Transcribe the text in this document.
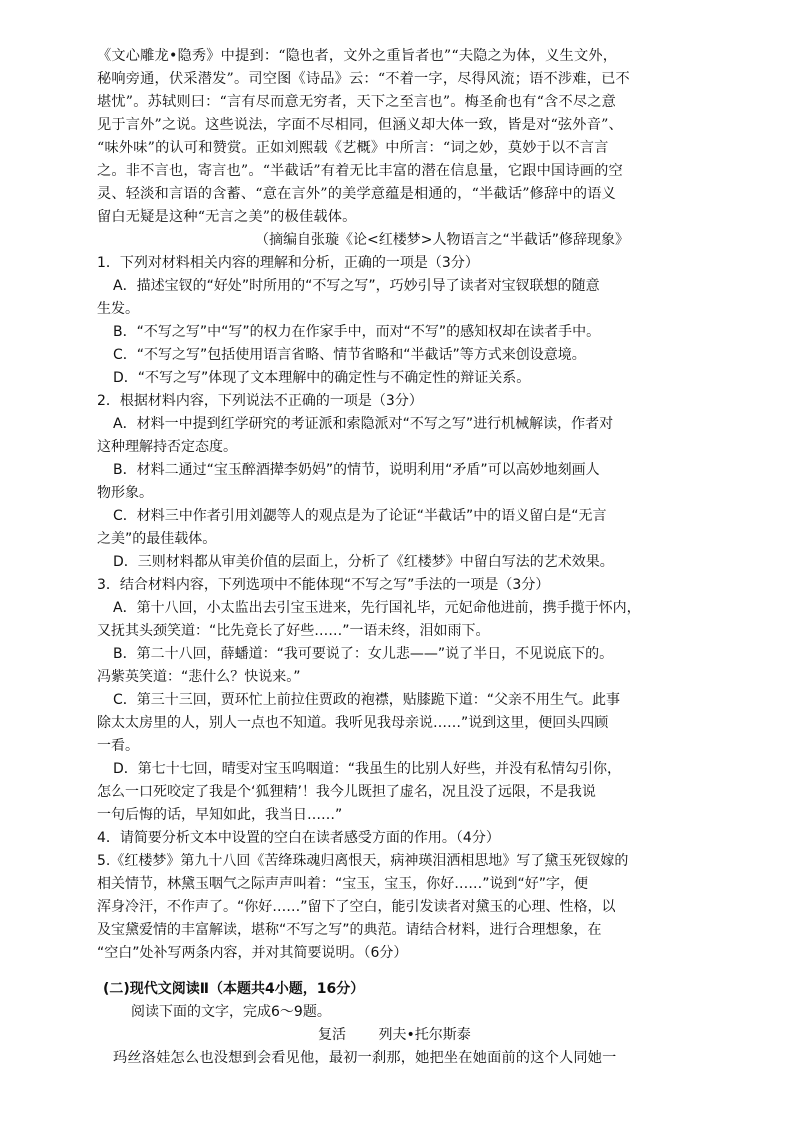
《文心雕龙•隐秀》中提到：“隐也者，文外之重旨者也”“夫隐之为体，义生文外，
秘响旁通，伏采潜发”。司空图《诗品》云：“不着一字，尽得风流；语不涉难，已不
堪忧”。苏轼则曰：“言有尽而意无穷者，天下之至言也”。梅圣俞也有“含不尽之意
见于言外”之说。这些说法，字面不尽相同，但涵义却大体一致，皆是对“弦外音”、
“味外味”的认可和赞赏。正如刘熙载《艺概》中所言：“词之妙，莫妙于以不言言
之。非不言也，寄言也”。“半截话”有着无比丰富的潜在信息量，它跟中国诗画的空
灵、轻淡和言语的含蓄、“意在言外”的美学意蕴是相通的，“半截话”修辞中的语义
留白无疑是这种“无言之美”的极佳载体。
（摘编自张璇《论<红楼梦>人物语言之“半截话”修辞现象》
1．下列对材料相关内容的理解和分析，正确的一项是（3分）
A．描述宝钗的“好处”时所用的“不写之写”，巧妙引导了读者对宝钗联想的随意
生发。
B．“不写之写”中“写”的权力在作家手中，而对“不写”的感知权却在读者手中。
C．“不写之写”包括使用语言省略、情节省略和“半截话”等方式来创设意境。
D．“不写之写”体现了文本理解中的确定性与不确定性的辩证关系。
2．根据材料内容，下列说法不正确的一项是（3分）
A．材料一中提到红学研究的考证派和索隐派对“不写之写”进行机械解读，作者对
这种理解持否定态度。
B．材料二通过“宝玉醉酒撵李奶妈”的情节，说明利用“矛盾”可以高妙地刻画人
物形象。
C．材料三中作者引用刘勰等人的观点是为了论证“半截话”中的语义留白是“无言
之美”的最佳载体。
D．三则材料都从审美价值的层面上，分析了《红楼梦》中留白写法的艺术效果。
3．结合材料内容，下列选项中不能体现“不写之写”手法的一项是（3分）
A．第十八回，小太监出去引宝玉进来，先行国礼毕，元妃命他进前，携手揽于怀内，
又抚其头颈笑道：“比先竟长了好些……”一语未终，泪如雨下。
B．第二十八回，薛蟠道：“我可要说了：女儿悲——”说了半日，不见说底下的。
冯紫英笑道：“悲什么？快说来。”
C．第三十三回，贾环忙上前拉住贾政的袍襟，贴膝跪下道：“父亲不用生气。此事
除太太房里的人，别人一点也不知道。我听见我母亲说……”说到这里，便回头四顾
一看。
D．第七十七回，晴雯对宝玉呜咽道：“我虽生的比别人好些，并没有私情勾引你，
怎么一口死咬定了我是个‘狐狸精’！我今儿既担了虚名，况且没了远限，不是我说
一句后悔的话，早知如此，我当日……”
4．请简要分析文本中设置的空白在读者感受方面的作用。（4分）
5.《红楼梦》第九十八回《苦绛珠魂归离恨天，病神瑛泪洒相思地》写了黛玉死钗嫁的
相关情节，林黛玉咽气之际声声叫着：“宝玉，宝玉，你好……”说到“好”字，便
浑身冷汗，不作声了。“你好……”留下了空白，能引发读者对黛玉的心理、性格，以
及宝黛爱情的丰富解读，堪称“不写之写”的典范。请结合材料，进行合理想象，在
“空白”处补写两条内容，并对其简要说明。（6分）
(二)现代文阅读Ⅱ（本题共4小题，16分）
阅读下面的文字，完成6～9题。
复活 列夫•托尔斯泰
玛丝洛娃怎么也没想到会看见他，最初一刹那，她把坐在她面前的这个人同她一
